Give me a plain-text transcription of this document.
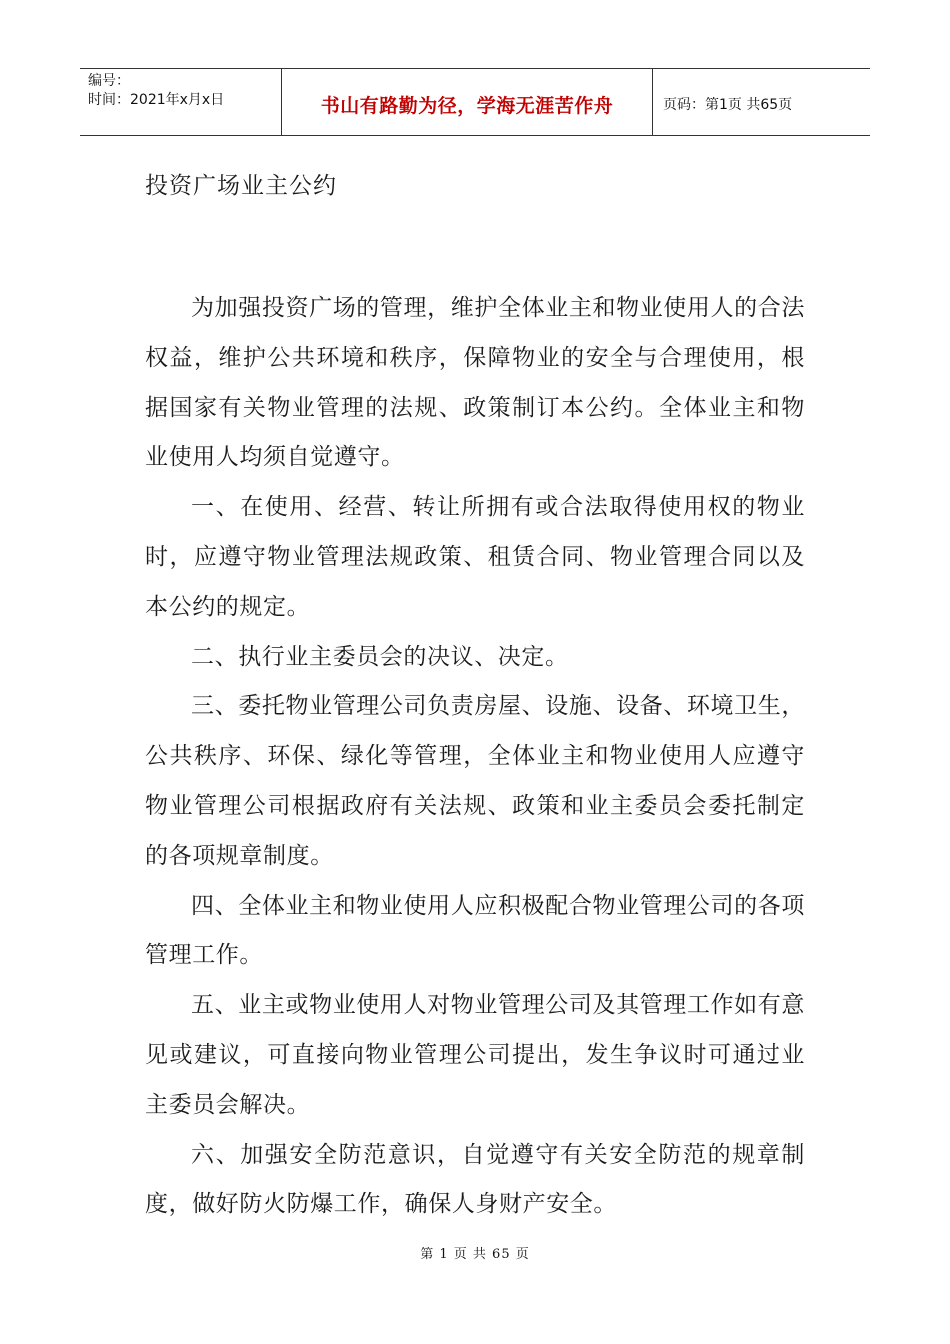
编号：
时间：2021年x月x日	书山有路勤为径，学海无涯苦作舟	页码：第1页 共65页
投资广场业主公约

为加强投资广场的管理，维护全体业主和物业使用人的合法权益，维护公共环境和秩序，保障物业的安全与合理使用，根据国家有关物业管理的法规、政策制订本公约。全体业主和物业使用人均须自觉遵守。

一、在使用、经营、转让所拥有或合法取得使用权的物业时，应遵守物业管理法规政策、租赁合同、物业管理合同以及本公约的规定。

二、执行业主委员会的决议、决定。

三、委托物业管理公司负责房屋、设施、设备、环境卫生，公共秩序、环保、绿化等管理，全体业主和物业使用人应遵守物业管理公司根据政府有关法规、政策和业主委员会委托制定的各项规章制度。

四、全体业主和物业使用人应积极配合物业管理公司的各项管理工作。

五、业主或物业使用人对物业管理公司及其管理工作如有意见或建议，可直接向物业管理公司提出，发生争议时可通过业主委员会解决。

六、加强安全防范意识，自觉遵守有关安全防范的规章制度，做好防火防爆工作，确保人身财产安全。

第 1 页 共 65 页
